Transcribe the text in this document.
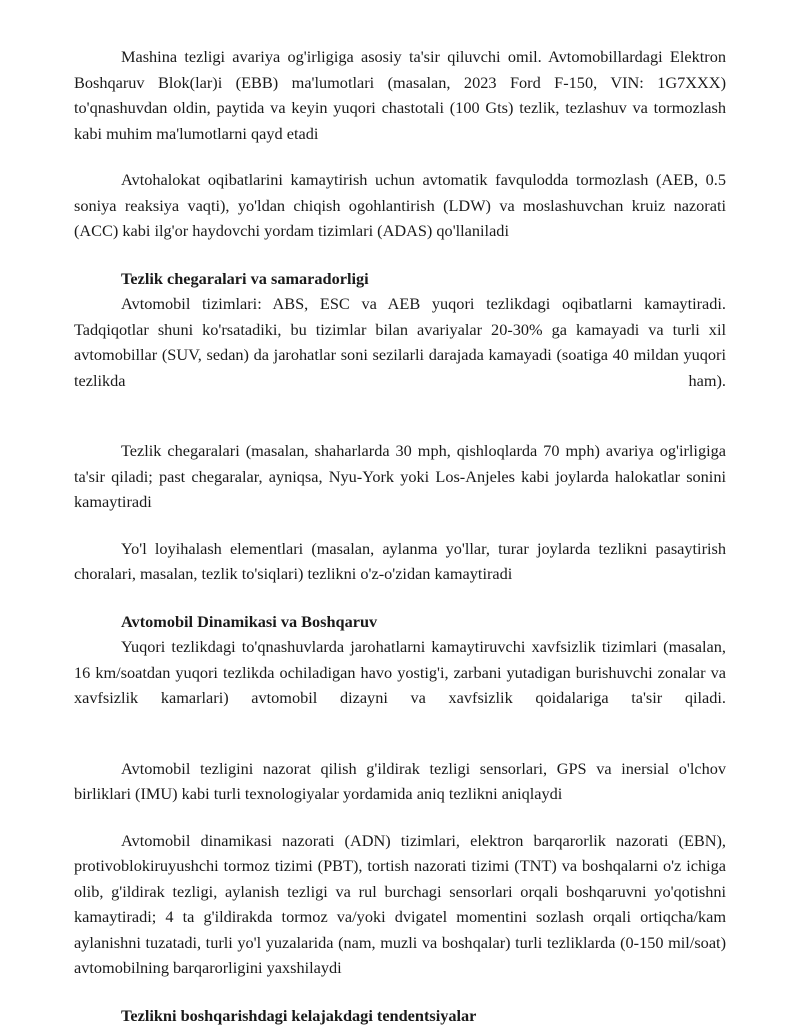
Mashina tezligi avariya og'irligiga asosiy ta'sir qiluvchi omil. Avtomobillardagi Elektron Boshqaruv Blok(lar)i (EBB) ma'lumotlari (masalan, 2023 Ford F-150, VIN: 1G7XXX) to'qnashuvdan oldin, paytida va keyin yuqori chastotali (100 Gts) tezlik, tezlashuv va tormozlash kabi muhim ma'lumotlarni qayd etadi

Avtohalokat oqibatlarini kamaytirish uchun avtomatik favqulodda tormozlash (AEB, 0.5 soniya reaksiya vaqti), yo'ldan chiqish ogohlantirish (LDW) va moslashuvchan kruiz nazorati (ACC) kabi ilg'or haydovchi yordam tizimlari (ADAS) qo'llaniladi

Tezlik chegaralari va samaradorligi

Avtomobil tizimlari: ABS, ESC va AEB yuqori tezlikdagi oqibatlarni kamaytiradi. Tadqiqotlar shuni ko'rsatadiki, bu tizimlar bilan avariyalar 20-30% ga kamayadi va turli xil avtomobillar (SUV, sedan) da jarohatlar soni sezilarli darajada kamayadi (soatiga 40 mildan yuqori tezlikda ham).

Tezlik chegaralari (masalan, shaharlarda 30 mph, qishloqlarda 70 mph) avariya og'irligiga ta'sir qiladi; past chegaralar, ayniqsa, Nyu-York yoki Los-Anjeles kabi joylarda halokatlar sonini kamaytiradi

Yo'l loyihalash elementlari (masalan, aylanma yo'llar, turar joylarda tezlikni pasaytirish choralari, masalan, tezlik to'siqlari) tezlikni o'z-o'zidan kamaytiradi

Avtomobil Dinamikasi va Boshqaruv

Yuqori tezlikdagi to'qnashuvlarda jarohatlarni kamaytiruvchi xavfsizlik tizimlari (masalan, 16 km/soatdan yuqori tezlikda ochiladigan havo yostig'i, zarbani yutadigan burishuvchi zonalar va xavfsizlik kamarlari) avtomobil dizayni va xavfsizlik qoidalariga ta'sir qiladi.

Avtomobil tezligini nazorat qilish g'ildirak tezligi sensorlari, GPS va inersial o'lchov birliklari (IMU) kabi turli texnologiyalar yordamida aniq tezlikni aniqlaydi

Avtomobil dinamikasi nazorati (ADN) tizimlari, elektron barqarorlik nazorati (EBN), protivoblokiruyushchi tormoz tizimi (PBT), tortish nazorati tizimi (TNT) va boshqalarni o'z ichiga olib, g'ildirak tezligi, aylanish tezligi va rul burchagi sensorlari orqali boshqaruvni yo'qotishni kamaytiradi; 4 ta g'ildirakda tormoz va/yoki dvigatel momentini sozlash orqali ortiqcha/kam aylanishni tuzatadi, turli yo'l yuzalarida (nam, muzli va boshqalar) turli tezliklarda (0-150 mil/soat) avtomobilning barqarorligini yaxshilaydi

Tezlikni boshqarishdagi kelajakdagi tendentsiyalar
